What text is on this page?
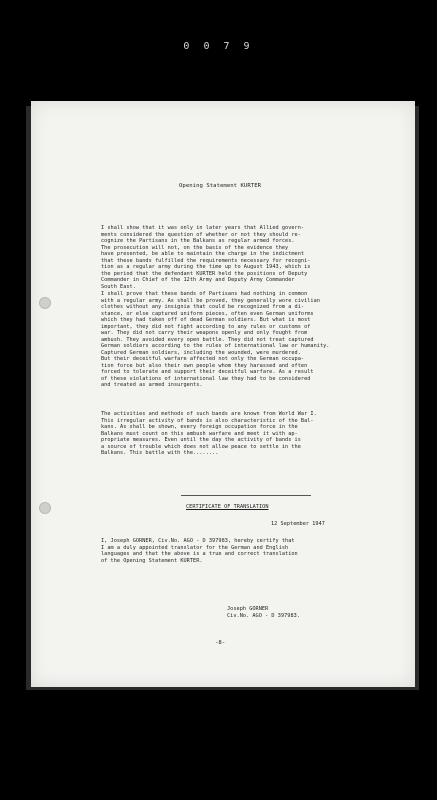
0 0 7 9
Opening Statement KURTER
I shall show that it was only in later years that Allied govern-
ments considered the question of whether or not they should re-
cognize the Partisans in the Balkans as regular armed forces.
The prosecution will not, on the basis of the evidence they
have presented, be able to maintain the charge in the indictment
that these bands fulfilled the requirements necessary for recogni-
tion as a regular army during the time up to August 1943, which is
the period that the defendant KURTER held the positions of Deputy
Commander in Chief of the 12th Army and Deputy Army Commander
South East.
I shall prove that these bands of Partisans had nothing in common
with a regular army. As shall be proved, they generally wore civilian
clothes without any insignia that could be recognized from a di-
stance, or else captured uniform pieces, often even German uniforms
which they had taken off of dead German soldiers. But what is most
important, they did not fight according to any rules or customs of
war. They did not carry their weapons openly and only fought from
ambush. They avoided every open battle. They did not treat captured
German soldiers according to the rules of international law or humanity.
Captured German soldiers, including the wounded, were murdered.
But their deceitful warfare affected not only the German occupa-
tion force but also their own people whom they harassed and often
forced to tolerate and support their deceitful warfare. As a result
of these violations of international law they had to be considered
and treated as armed insurgents.
The activities and methods of such bands are known from World War I.
This irregular activity of bands is also characteristic of the Bal-
kans. As shall be shown, every foreign occupation force in the
Balkans must count on this ambush warfare and meet it with ap-
propriate measures. Even until the day the activity of bands is
a source of trouble which does not allow peace to settle in the
Balkans. This battle with the........
CERTIFICATE OF TRANSLATION
12 September 1947
I, Joseph GORNER, Civ.No. AGO - D 397983, hereby certify that
I am a duly appointed translator for the German and English
languages and that the above is a true and correct translation
of the Opening Statement KURTER.
Joseph GORNER
Civ.No. AGO - D 397983.
-8-
